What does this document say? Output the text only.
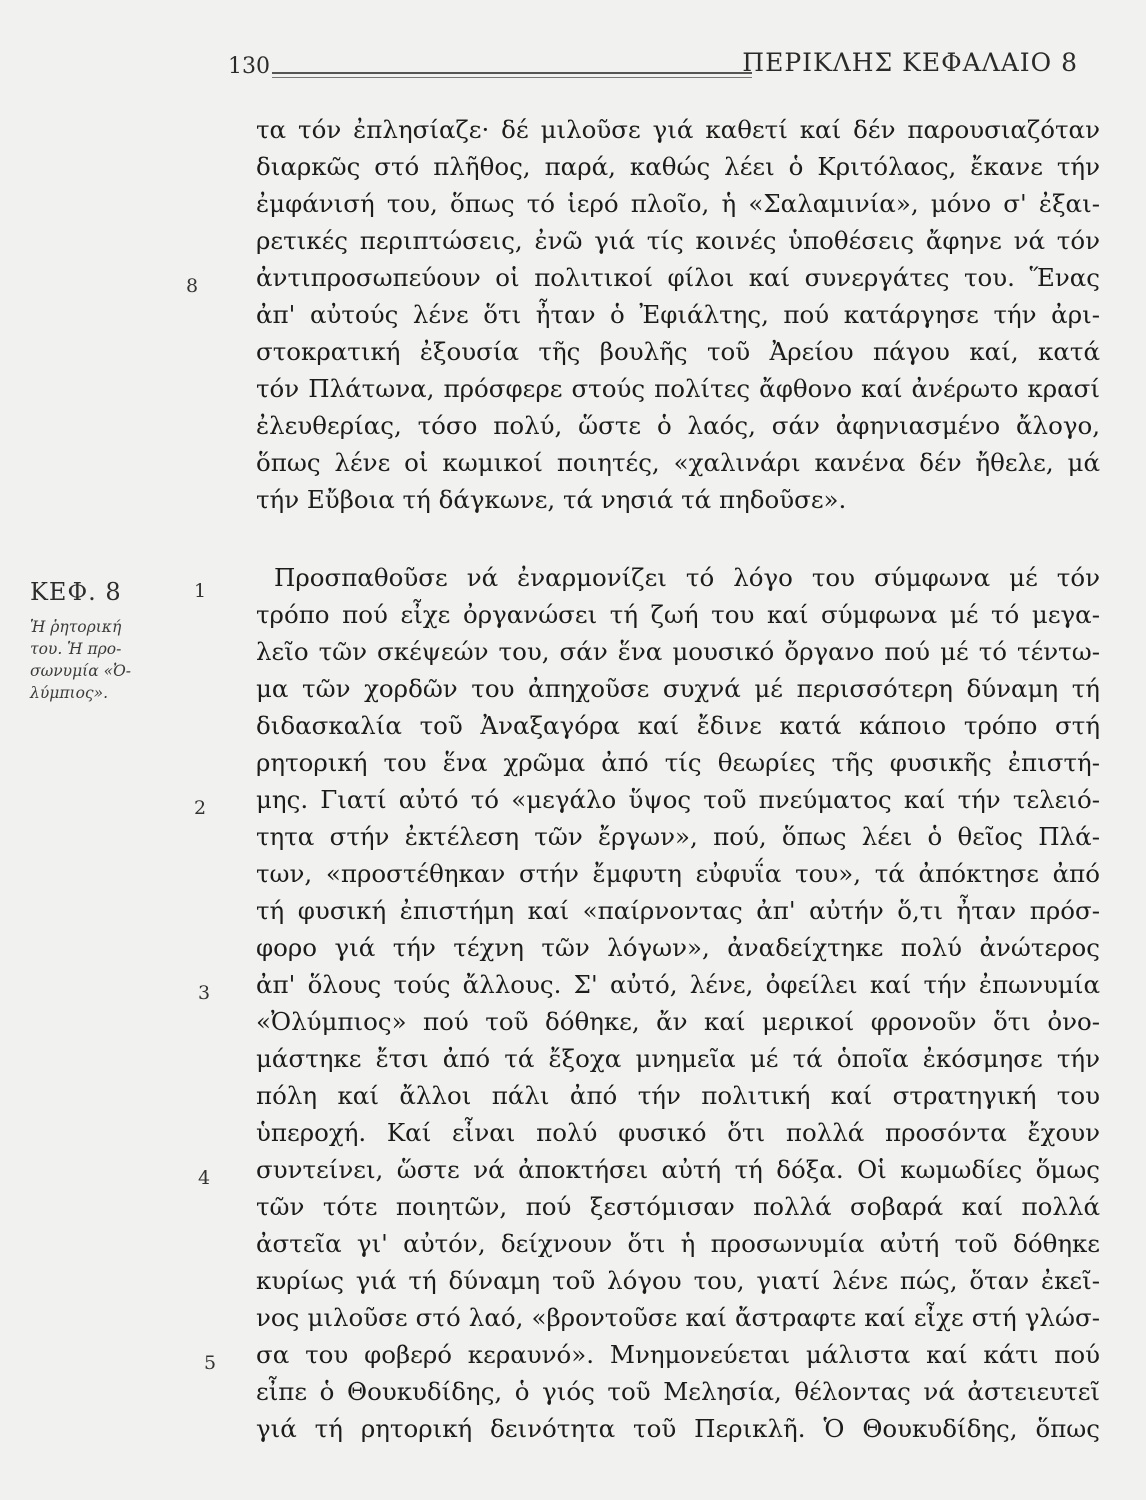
130	ΠΕΡΙΚΛΗΣ ΚΕΦΑΛΑΙΟ 8
ΚΕΦ. 8
Ἡ ῥητορική
του. Ἡ προ-
σωνυμία «Ὀ-
λύμπιος».
8
1
2
3
4
5
τα τόν ἐπλησίαζε· δέ μιλοῦσε γιά καθετί καί δέν παρουσιαζόταν
διαρκῶς στό πλῆθος, παρά, καθώς λέει ὁ Κριτόλαος, ἔκανε τήν
ἐμφάνισή του, ὅπως τό ἱερό πλοῖο, ἡ «Σαλαμινία», μόνο σ' ἐξαι-
ρετικές περιπτώσεις, ἐνῶ γιά τίς κοινές ὑποθέσεις ἄφηνε νά τόν
ἀντιπροσωπεύουν οἱ πολιτικοί φίλοι καί συνεργάτες του. Ἕνας
ἀπ' αὐτούς λένε ὅτι ἦταν ὁ Ἐφιάλτης, πού κατάργησε τήν ἀρι-
στοκρατική ἐξουσία τῆς βουλῆς τοῦ Ἀρείου πάγου καί, κατά
τόν Πλάτωνα, πρόσφερε στούς πολίτες ἄφθονο καί ἀνέρωτο κρασί
ἐλευθερίας, τόσο πολύ, ὥστε ὁ λαός, σάν ἀφηνιασμένο ἄλογο,
ὅπως λένε οἱ κωμικοί ποιητές, «χαλινάρι κανένα δέν ἤθελε, μά
τήν Εὔβοια τή δάγκωνε, τά νησιά τά πηδοῦσε».
Προσπαθοῦσε νά ἐναρμονίζει τό λόγο του σύμφωνα μέ τόν
τρόπο πού εἶχε ὀργανώσει τή ζωή του καί σύμφωνα μέ τό μεγα-
λεῖο τῶν σκέψεών του, σάν ἕνα μουσικό ὄργανο πού μέ τό τέντω-
μα τῶν χορδῶν του ἀπηχοῦσε συχνά μέ περισσότερη δύναμη τή
διδασκαλία τοῦ Ἀναξαγόρα καί ἔδινε κατά κάποιο τρόπο στή
ρητορική του ἕνα χρῶμα ἀπό τίς θεωρίες τῆς φυσικῆς ἐπιστή-
μης. Γιατί αὐτό τό «μεγάλο ὕψος τοῦ πνεύματος καί τήν τελειό-
τητα στήν ἐκτέλεση τῶν ἔργων», πού, ὅπως λέει ὁ θεῖος Πλά-
των, «προστέθηκαν στήν ἔμφυτη εὐφυΐα του», τά ἀπόκτησε ἀπό
τή φυσική ἐπιστήμη καί «παίρνοντας ἀπ' αὐτήν ὅ,τι ἦταν πρόσ-
φορο γιά τήν τέχνη τῶν λόγων», ἀναδείχτηκε πολύ ἀνώτερος
ἀπ' ὅλους τούς ἄλλους. Σ' αὐτό, λένε, ὀφείλει καί τήν ἐπωνυμία
«Ὀλύμπιος» πού τοῦ δόθηκε, ἄν καί μερικοί φρονοῦν ὅτι ὀνο-
μάστηκε ἔτσι ἀπό τά ἔξοχα μνημεῖα μέ τά ὁποῖα ἐκόσμησε τήν
πόλη καί ἄλλοι πάλι ἀπό τήν πολιτική καί στρατηγική του
ὑπεροχή. Καί εἶναι πολύ φυσικό ὅτι πολλά προσόντα ἔχουν
συντείνει, ὥστε νά ἀποκτήσει αὐτή τή δόξα. Οἱ κωμωδίες ὅμως
τῶν τότε ποιητῶν, πού ξεστόμισαν πολλά σοβαρά καί πολλά
ἀστεῖα γι' αὐτόν, δείχνουν ὅτι ἡ προσωνυμία αὐτή τοῦ δόθηκε
κυρίως γιά τή δύναμη τοῦ λόγου του, γιατί λένε πώς, ὅταν ἐκεῖ-
νος μιλοῦσε στό λαό, «βροντοῦσε καί ἄστραφτε καί εἶχε στή γλώσ-
σα του φοβερό κεραυνό». Μνημονεύεται μάλιστα καί κάτι πού
εἶπε ὁ Θουκυδίδης, ὁ γιός τοῦ Μελησία, θέλοντας νά ἀστειευτεῖ
γιά τή ρητορική δεινότητα τοῦ Περικλῆ. Ὁ Θουκυδίδης, ὅπως
